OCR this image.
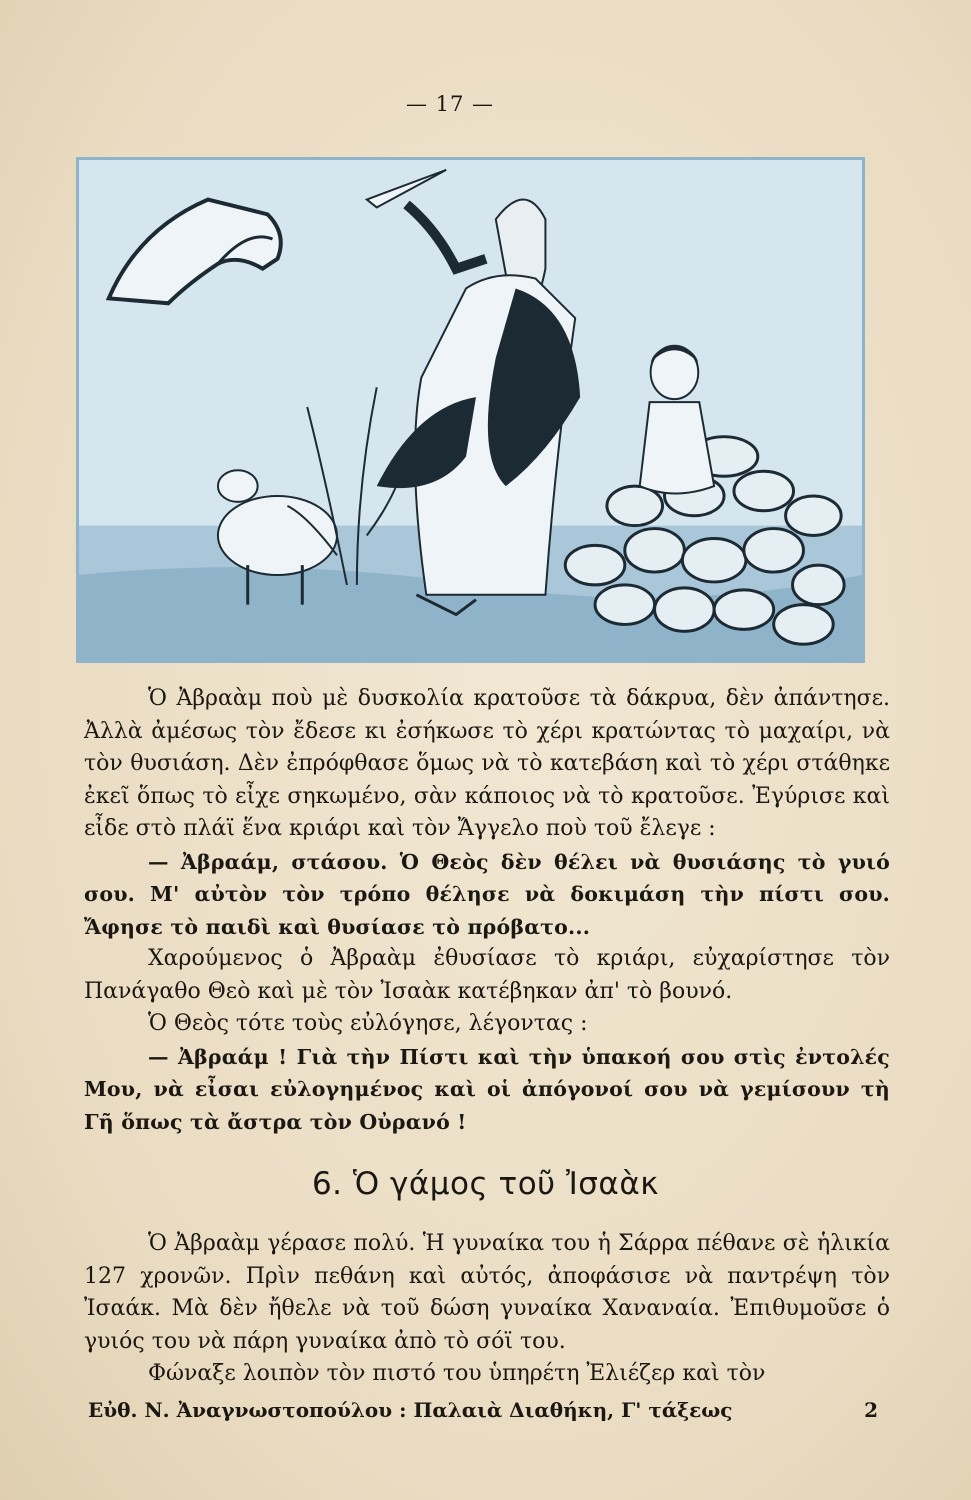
— 17 —

Ὁ Ἀβραὰμ ποὺ μὲ δυσκολία κρατοῦσε τὰ δάκρυα, δὲν ἀπάντησε. Ἀλλὰ ἀμέσως τὸν ἔδεσε κι ἐσήκωσε τὸ χέρι κρατώντας τὸ μαχαίρι, νὰ τὸν θυσιάση. Δὲν ἐπρόφθασε ὅμως νὰ τὸ κατεβάση καὶ τὸ χέρι στάθηκε ἐκεῖ ὅπως τὸ εἶχε σηκωμένο, σὰν κάποιος νὰ τὸ κρατοῦσε. Ἐγύρισε καὶ εἶδε στὸ πλάϊ ἕνα κριάρι καὶ τὸν Ἄγγελο ποὺ τοῦ ἔλεγε :

— Ἀβραάμ, στάσου. Ὁ Θεὸς δὲν θέλει νὰ θυσιάσης τὸ γυιό σου. Μ' αὐτὸν τὸν τρόπο θέλησε νὰ δοκιμάση τὴν πίστι σου. Ἄφησε τὸ παιδὶ καὶ θυσίασε τὸ πρόβατο...

Χαρούμενος ὁ Ἀβραὰμ ἐθυσίασε τὸ κριάρι, εὐχαρίστησε τὸν Πανάγαθο Θεὸ καὶ μὲ τὸν Ἰσαὰκ κατέβηκαν ἀπ' τὸ βουνό.

Ὁ Θεὸς τότε τοὺς εὐλόγησε, λέγοντας :

— Ἀβραάμ ! Γιὰ τὴν Πίστι καὶ τὴν ὑπακοή σου στὶς ἐντολές Μου, νὰ εἶσαι εὐλογημένος καὶ οἱ ἀπόγονοί σου νὰ γεμίσουν τὴ Γῆ ὅπως τὰ ἄστρα τὸν Οὐρανό !

6. Ὁ γάμος τοῦ Ἰσαὰκ

Ὁ Ἀβραὰμ γέρασε πολύ. Ἡ γυναίκα του ἡ Σάρρα πέθανε σὲ ἡλικία 127 χρονῶν. Πρὶν πεθάνη καὶ αὐτός, ἀποφάσισε νὰ παντρέψη τὸν Ἰσαάκ. Μὰ δὲν ἤθελε νὰ τοῦ δώση γυναίκα Χαναναία. Ἐπιθυμοῦσε ὁ γυιός του νὰ πάρη γυναίκα ἀπὸ τὸ σόϊ του.

Φώναξε λοιπὸν τὸν πιστό του ὑπηρέτη Ἐλιέζερ καὶ τὸν

Εὐθ. Ν. Ἀναγνωστοπούλου : Παλαιὰ Διαθήκη, Γ' τάξεως	2
